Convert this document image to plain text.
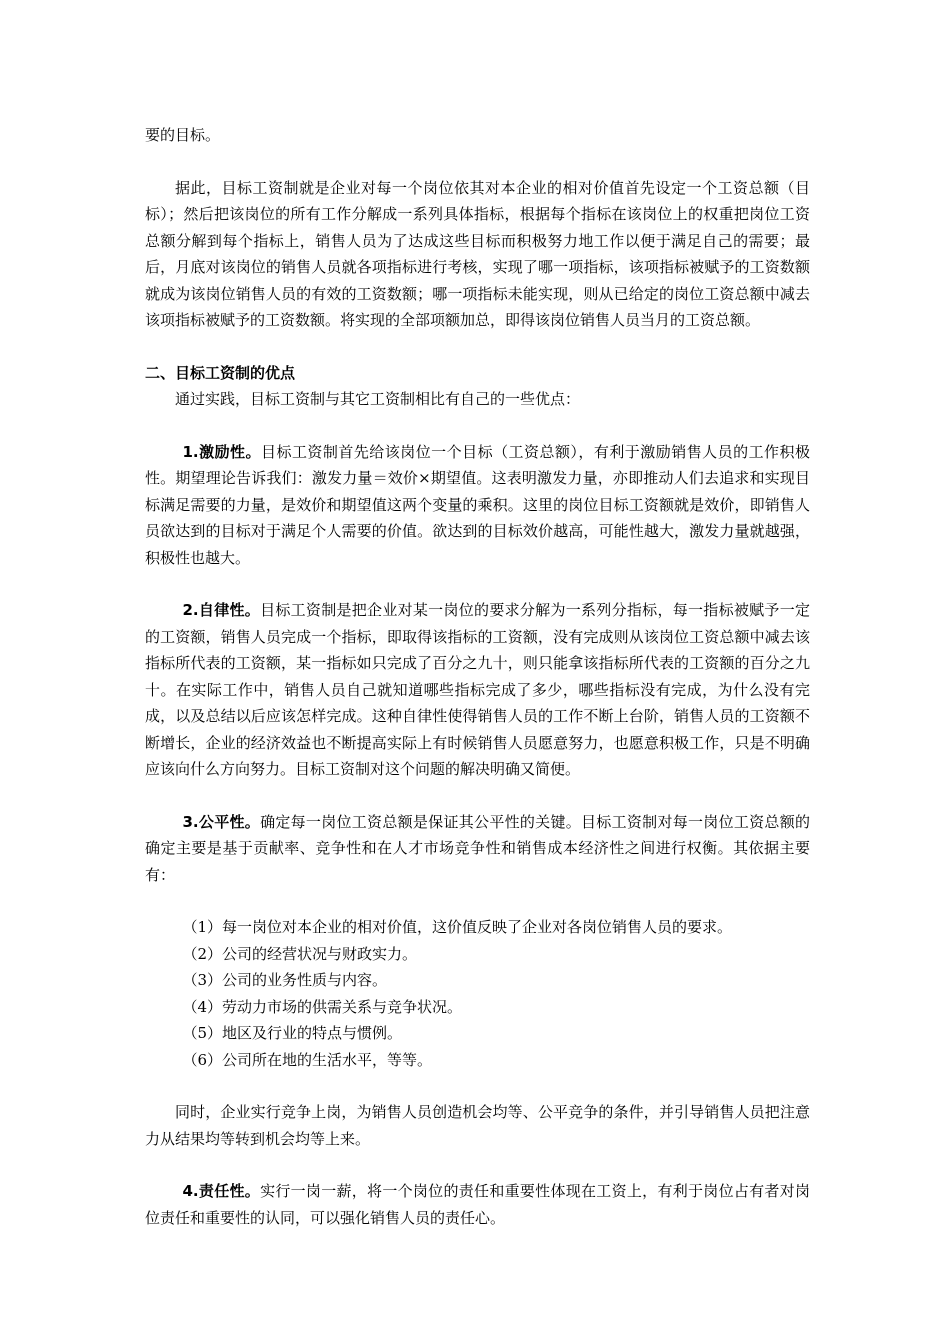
要的目标。

据此，目标工资制就是企业对每一个岗位依其对本企业的相对价值首先设定一个工资总额（目标）；然后把该岗位的所有工作分解成一系列具体指标，根据每个指标在该岗位上的权重把岗位工资总额分解到每个指标上，销售人员为了达成这些目标而积极努力地工作以便于满足自己的需要；最后，月底对该岗位的销售人员就各项指标进行考核，实现了哪一项指标，该项指标被赋予的工资数额就成为该岗位销售人员的有效的工资数额；哪一项指标未能实现，则从已给定的岗位工资总额中减去该项指标被赋予的工资数额。将实现的全部项额加总，即得该岗位销售人员当月的工资总额。

二、目标工资制的优点

通过实践，目标工资制与其它工资制相比有自己的一些优点：

1.激励性。目标工资制首先给该岗位一个目标（工资总额），有利于激励销售人员的工作积极性。期望理论告诉我们：激发力量＝效价×期望值。这表明激发力量，亦即推动人们去追求和实现目标满足需要的力量，是效价和期望值这两个变量的乘积。这里的岗位目标工资额就是效价，即销售人员欲达到的目标对于满足个人需要的价值。欲达到的目标效价越高，可能性越大，激发力量就越强，积极性也越大。

2.自律性。目标工资制是把企业对某一岗位的要求分解为一系列分指标，每一指标被赋予一定的工资额，销售人员完成一个指标，即取得该指标的工资额，没有完成则从该岗位工资总额中减去该指标所代表的工资额，某一指标如只完成了百分之九十，则只能拿该指标所代表的工资额的百分之九十。在实际工作中，销售人员自己就知道哪些指标完成了多少，哪些指标没有完成，为什么没有完成，以及总结以后应该怎样完成。这种自律性使得销售人员的工作不断上台阶，销售人员的工资额不断增长，企业的经济效益也不断提高实际上有时候销售人员愿意努力，也愿意积极工作，只是不明确应该向什么方向努力。目标工资制对这个问题的解决明确又简便。

3.公平性。确定每一岗位工资总额是保证其公平性的关键。目标工资制对每一岗位工资总额的确定主要是基于贡献率、竞争性和在人才市场竞争性和销售成本经济性之间进行权衡。其依据主要有：

（1）每一岗位对本企业的相对价值，这价值反映了企业对各岗位销售人员的要求。

（2）公司的经营状况与财政实力。

（3）公司的业务性质与内容。

（4）劳动力市场的供需关系与竞争状况。

（5）地区及行业的特点与惯例。

（6）公司所在地的生活水平，等等。

同时，企业实行竞争上岗，为销售人员创造机会均等、公平竞争的条件，并引导销售人员把注意力从结果均等转到机会均等上来。

4.责任性。实行一岗一薪，将一个岗位的责任和重要性体现在工资上，有利于岗位占有者对岗位责任和重要性的认同，可以强化销售人员的责任心。
